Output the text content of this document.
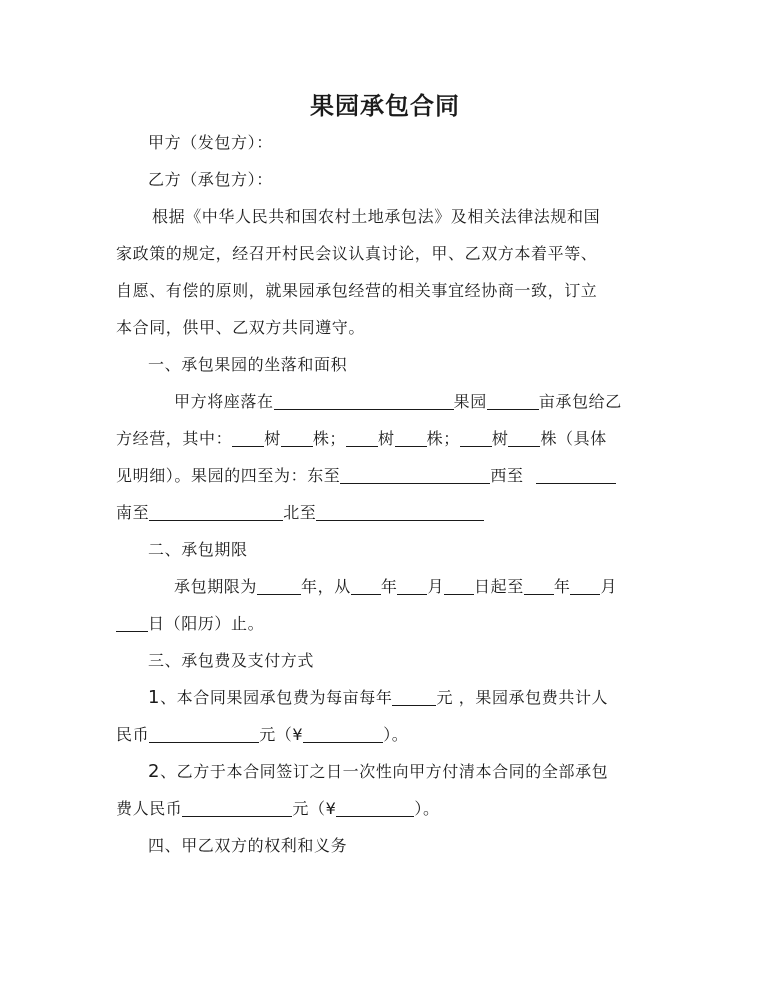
果园承包合同
甲方（发包方）：
乙方（承包方）：
根据《中华人民共和国农村土地承包法》及相关法律法规和国
家政策的规定，经召开村民会议认真讨论，甲、乙双方本着平等、
自愿、有偿的原则，就果园承包经营的相关事宜经协商一致，订立
本合同，供甲、乙双方共同遵守。
一、承包果园的坐落和面积
甲方将座落在	果园	亩承包给乙
方经营，其中： 树 株； 树 株； 树 株（具体
见明细）。果园的四至为：东至	西至
南至	北至
二、承包期限
承包期限为	年，从 年 月 日起至 年 月
日（阳历）止。
三、承包费及支付方式
1、本合同果园承包费为每亩每年	元 ，果园承包费共计人
民币	元（¥	）。
2、乙方于本合同签订之日一次性向甲方付清本合同的全部承包
费人民币	元（¥	）。
四、甲乙双方的权利和义务
